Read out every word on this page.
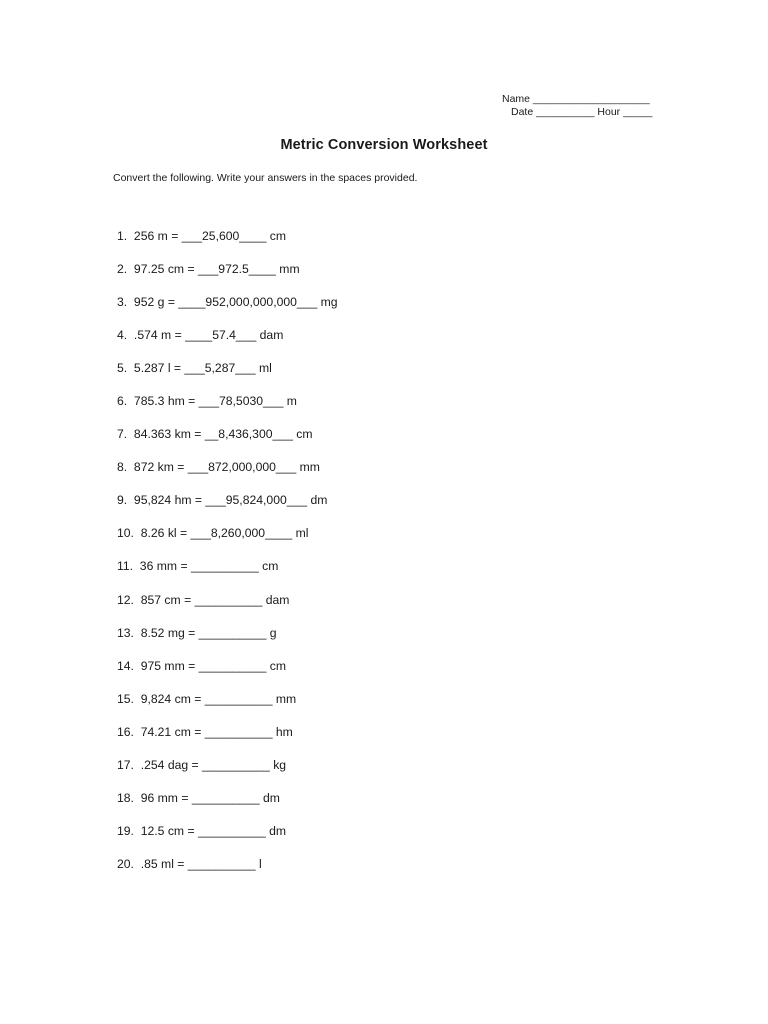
Name ____________________
Date __________ Hour _____
Metric Conversion Worksheet
Convert the following. Write your answers in the spaces provided.
1.  256 m = ___25,600____ cm
2.  97.25 cm = ___972.5____ mm
3.  952 g = ____952,000,000,000___ mg
4.  .574 m = ____57.4___ dam
5.  5.287 l = ___5,287___ ml
6.  785.3 hm = ___78,5030___ m
7.  84.363 km = __8,436,300___ cm
8.  872 km = ___872,000,000___ mm
9.  95,824 hm = ___95,824,000___ dm
10.  8.26 kl = ___8,260,000____ ml
11.  36 mm = __________ cm
12.  857 cm = __________ dam
13.  8.52 mg = __________ g
14.  975 mm = __________ cm
15.  9,824 cm = __________ mm
16.  74.21 cm = __________ hm
17.  .254 dag = __________ kg
18.  96 mm = __________ dm
19.  12.5 cm = __________ dm
20.  .85 ml = __________ l
